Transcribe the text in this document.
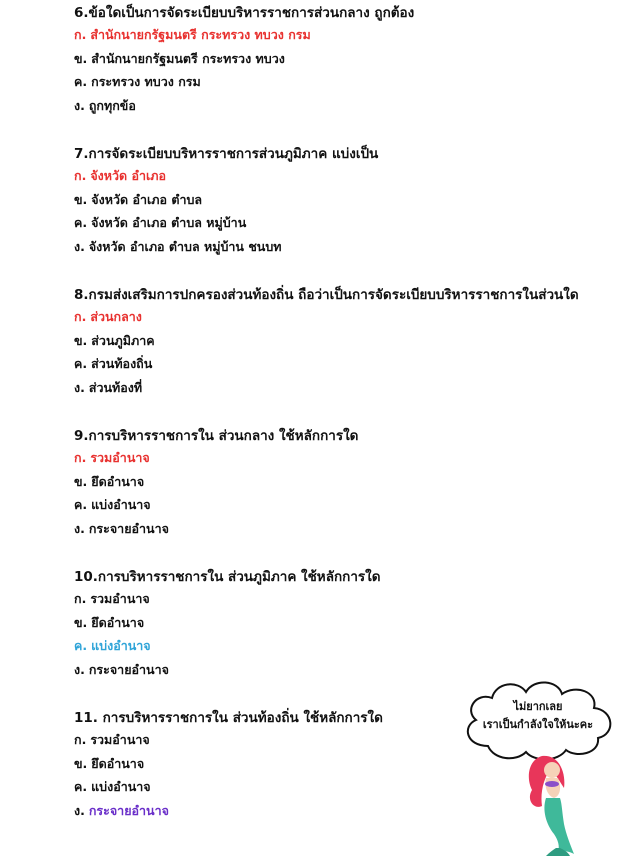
6.ข้อใดเป็นการจัดระเบียบบริหารราชการส่วนกลาง ถูกต้อง
ก. สำนักนายกรัฐมนตรี กระทรวง ทบวง กรม
ข. สำนักนายกรัฐมนตรี กระทรวง ทบวง
ค. กระทรวง ทบวง กรม
ง. ถูกทุกข้อ
7.การจัดระเบียบบริหารราชการส่วนภูมิภาค แบ่งเป็น
ก. จังหวัด อำเภอ
ข. จังหวัด อำเภอ ตำบล
ค. จังหวัด อำเภอ ตำบล หมู่บ้าน
ง. จังหวัด อำเภอ ตำบล หมู่บ้าน ชนบท
8.กรมส่งเสริมการปกครองส่วนท้องถิ่น ถือว่าเป็นการจัดระเบียบบริหารราชการในส่วนใด
ก. ส่วนกลาง
ข. ส่วนภูมิภาค
ค. ส่วนท้องถิ่น
ง. ส่วนท้องที่
9.การบริหารราชการใน ส่วนกลาง ใช้หลักการใด
ก. รวมอำนาจ
ข. ยึดอำนาจ
ค. แบ่งอำนาจ
ง. กระจายอำนาจ
10.การบริหารราชการใน ส่วนภูมิภาค ใช้หลักการใด
ก. รวมอำนาจ
ข. ยึดอำนาจ
ค. แบ่งอำนาจ
ง. กระจายอำนาจ
11. การบริหารราชการใน ส่วนท้องถิ่น ใช้หลักการใด
ก. รวมอำนาจ
ข. ยึดอำนาจ
ค. แบ่งอำนาจ
ง. กระจายอำนาจ
ไม่ยากเลย
เราเป็นกำลังใจให้นะคะ
